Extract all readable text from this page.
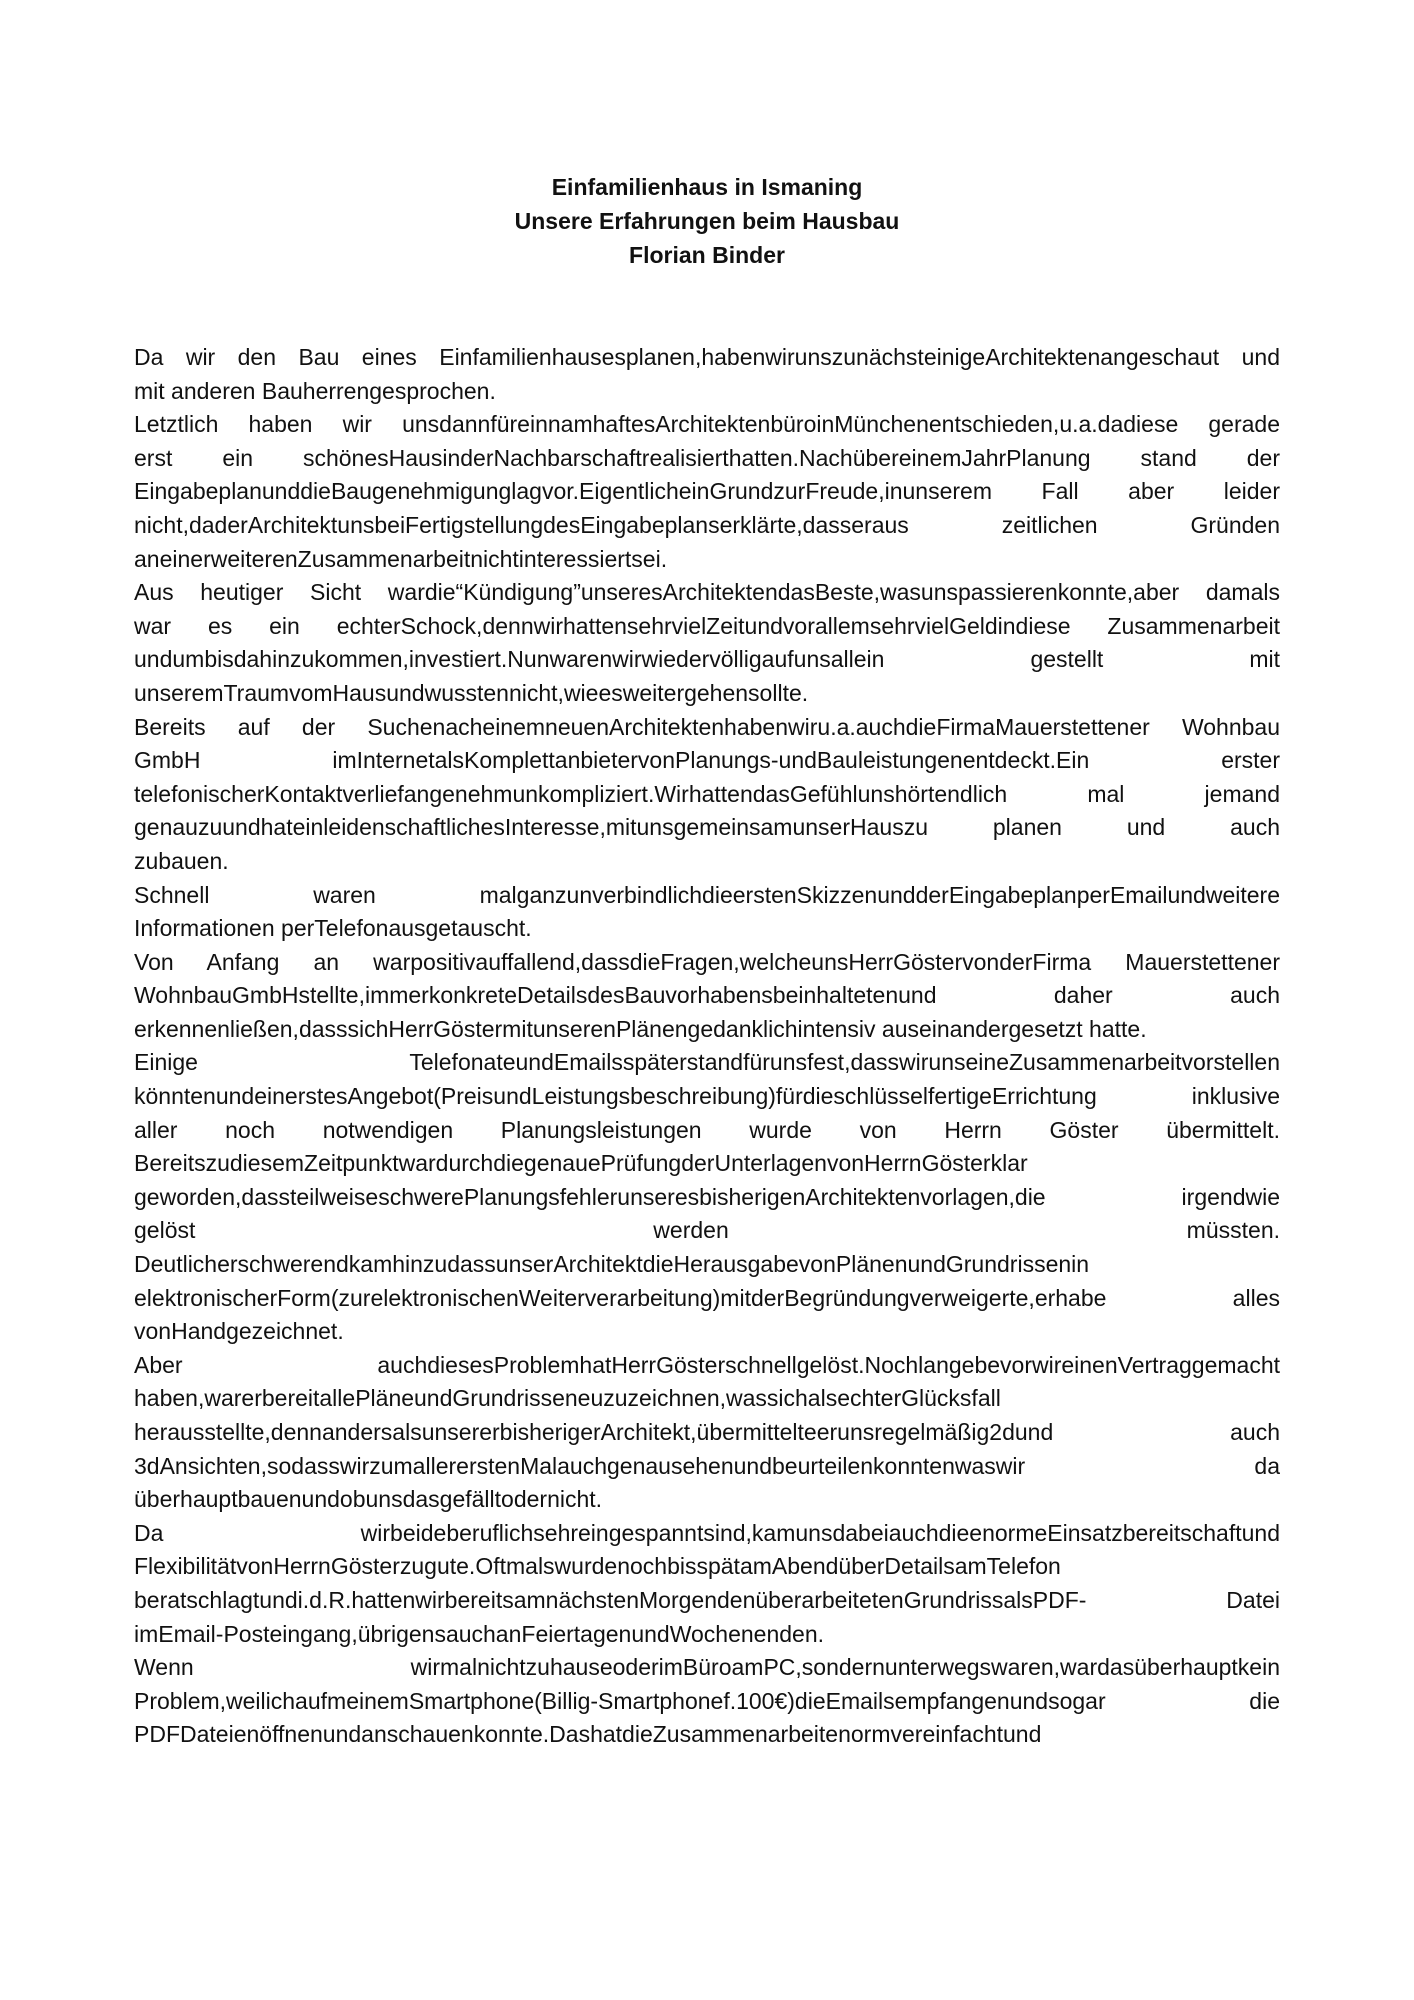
Einfamilienhaus in Ismaning
Unsere Erfahrungen beim Hausbau
Florian Binder
Da wir den Bau eines Einfamilienhausesplanen,habenwirunszunächsteinigeArchitektenangeschaut und
mit anderen Bauherrengesprochen.
Letztlich haben wir unsdannfüreinnamhaftesArchitektenbüroinMünchenentschieden,u.a.dadiese gerade
erst ein schönesHausinderNachbarschaftrealisierthatten.NachübereinemJahrPlanung stand der
EingabeplanunddieBaugenehmigunglagvor.EigentlicheinGrundzurFreude,inunserem Fall aber leider
nicht,daderArchitektunsbeiFertigstellungdesEingabeplanserklärte,dasseraus zeitlichen Gründen
aneinerweiterenZusammenarbeitnichtinteressiertsei.
Aus heutiger Sicht wardie“Kündigung”unseresArchitektendasBeste,wasunspassierenkonnte,aber damals
war es ein echterSchock,dennwirhattensehrvielZeitundvorallemsehrvielGeldindiese Zusammenarbeit
undumbisdahinzukommen,investiert.Nunwarenwirwiedervölligaufunsallein gestellt mit
unseremTraumvomHausundwusstennicht,wieesweitergehensollte.
Bereits auf der SuchenacheinemneuenArchitektenhabenwiru.a.auchdieFirmaMauerstettener Wohnbau
GmbH imInternetalsKomplettanbietervonPlanungs-undBauleistungenentdeckt.Ein erster
telefonischerKontaktverliefangenehmunkompliziert.WirhattendasGefühlunshörtendlich mal jemand
genauzuundhateinleidenschaftlichesInteresse,mitunsgemeinsamunserHauszu planen und auch
zubauen.
Schnell waren malganzunverbindlichdieerstenSkizzenundderEingabeplanperEmailundweitere
Informationen perTelefonausgetauscht.
Von Anfang an warpositivauffallend,dassdieFragen,welcheunsHerrGöstervonderFirma Mauerstettener
WohnbauGmbHstellte,immerkonkreteDetailsdesBauvorhabensbeinhaltetenund daher auch
erkennenließen,dasssichHerrGöstermitunserenPlänengedanklichintensiv auseinandergesetzt hatte.
Einige TelefonateundEmailsspäterstandfürunsfest,dasswirunseineZusammenarbeitvorstellen
könntenundeinerstesAngebot(PreisundLeistungsbeschreibung)fürdieschlüsselfertigeErrichtung inklusive
aller noch notwendigen Planungsleistungen wurde von Herrn Göster übermittelt.
BereitszudiesemZeitpunktwardurchdiegenauePrüfungderUnterlagenvonHerrnGösterklar
geworden,dassteilweiseschwerePlanungsfehlerunseresbisherigenArchitektenvorlagen,die irgendwie
gelöst werden müssten.
DeutlicherschwerendkamhinzudassunserArchitektdieHerausgabevonPlänenundGrundrissenin
elektronischerForm(zurelektronischenWeiterverarbeitung)mitderBegründungverweigerte,erhabe alles
vonHandgezeichnet.
Aber auchdiesesProblemhatHerrGösterschnellgelöst.NochlangebevorwireinenVertraggemacht
haben,warerbereitallePläneundGrundrisseneuzuzeichnen,wassichalsechterGlücksfall
herausstellte,dennandersalsunsererbisherigerArchitekt,übermittelteerunsregelmäßig2dund auch
3dAnsichten,sodasswirzumallererstenMalauchgenausehenundbeurteilenkonntenwaswir da
überhauptbauenundobunsdasgefälltodernicht.
Da wirbeideberuflichsehreingespanntsind,kamunsdabeiauchdieenormeEinsatzbereitschaftund
FlexibilitätvonHerrnGösterzugute.OftmalswurdenochbisspätamAbendüberDetailsamTelefon
beratschlagtundi.d.R.hattenwirbereitsamnächstenMorgendenüberarbeitetenGrundrissalsPDF- Datei
imEmail-Posteingang,übrigensauchanFeiertagenundWochenenden.
Wenn wirmalnichtzuhauseoderimBüroamPC,sondernunterwegswaren,wardasüberhauptkein
Problem,weilichaufmeinemSmartphone(Billig-Smartphonef.100€)dieEmailsempfangenundsogar die
PDFDateienöffnenundanschauenkonnte.DashatdieZusammenarbeitenormvereinfachtund
